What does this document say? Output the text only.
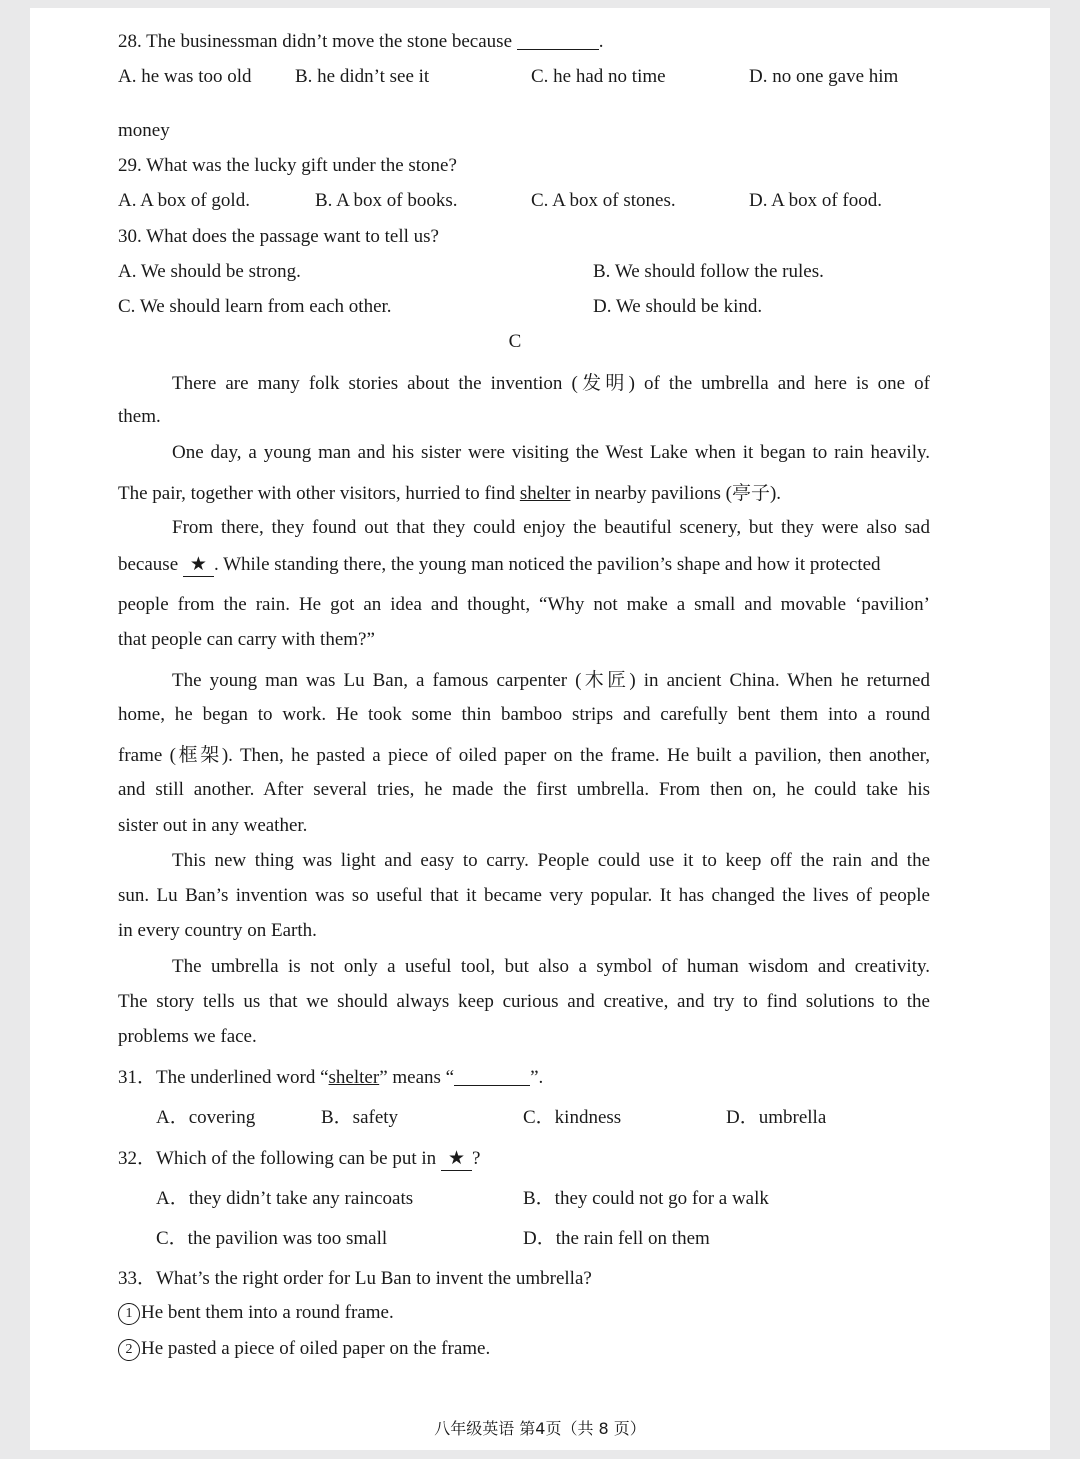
28. The businessman didn’t move the stone because	.
A. he was too old B. he didn’t see it	C. he had no time	D. no one gave him
money
29. What was the lucky gift under the stone?
A. A box of gold.	B. A box of books.	C. A box of stones.	D. A box of food.
30. What does the passage want to tell us?
A. We should be strong.	B. We should follow the rules.
C. We should learn from each other.	D. We should be kind.
C
There are many folk stories about the invention (发明) of the umbrella and here is one of
them.
One day, a young man and his sister were visiting the West Lake when it began to rain heavily.
The pair, together with other visitors, hurried to find shelter in nearby pavilions (亭子).
From there, they found out that they could enjoy the beautiful scenery, but they were also sad
because ★ . While standing there, the young man noticed the pavilion’s shape and how it protected
people from the rain. He got an idea and thought, “Why not make a small and movable ‘pavilion’
that people can carry with them?”
The young man was Lu Ban, a famous carpenter (木匠) in ancient China. When he returned
home, he began to work. He took some thin bamboo strips and carefully bent them into a round
frame (框架). Then, he pasted a piece of oiled paper on the frame. He built a pavilion, then another,
and still another. After several tries, he made the first umbrella. From then on, he could take his
sister out in any weather.
This new thing was light and easy to carry. People could use it to keep off the rain and the
sun. Lu Ban’s invention was so useful that it became very popular. It has changed the lives of people
in every country on Earth.
The umbrella is not only a useful tool, but also a symbol of human wisdom and creativity.
The story tells us that we should always keep curious and creative, and try to find solutions to the
problems we face.
31．The underlined word “shelter” means “	”.
A．covering	B．safety	C．kindness	D．umbrella
32．Which of the following can be put in ★ ?
A．they didn’t take any raincoats	B．they could not go for a walk
C．the pavilion was too small	D．the rain fell on them
33．What’s the right order for Lu Ban to invent the umbrella?
1 He bent them into a round frame.
2 He pasted a piece of oiled paper on the frame.
八年级英语 第4页（共 8 页）
